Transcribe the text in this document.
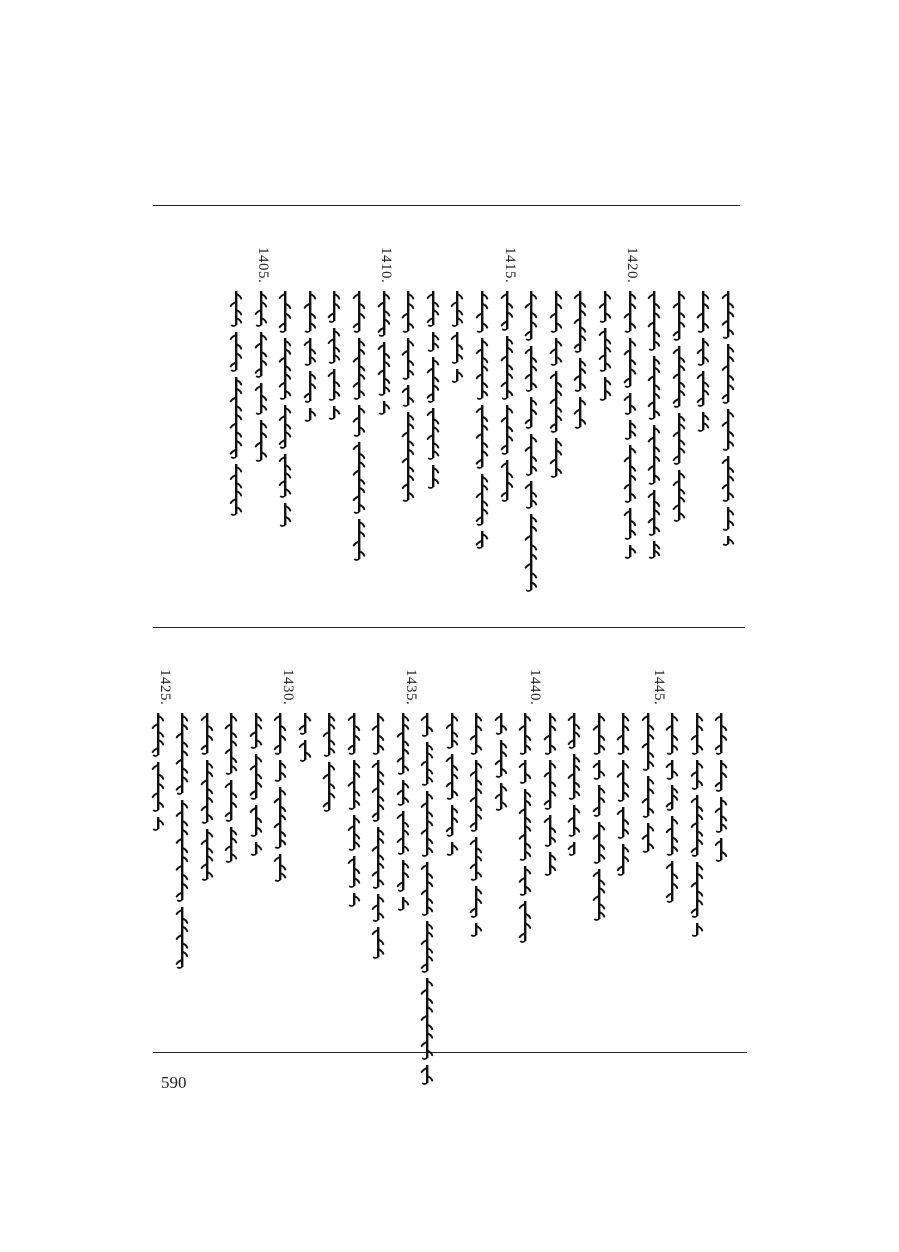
1420.
1415.
1410.
1405.
1445.
1440.
1435.
1430.
1425.
590
